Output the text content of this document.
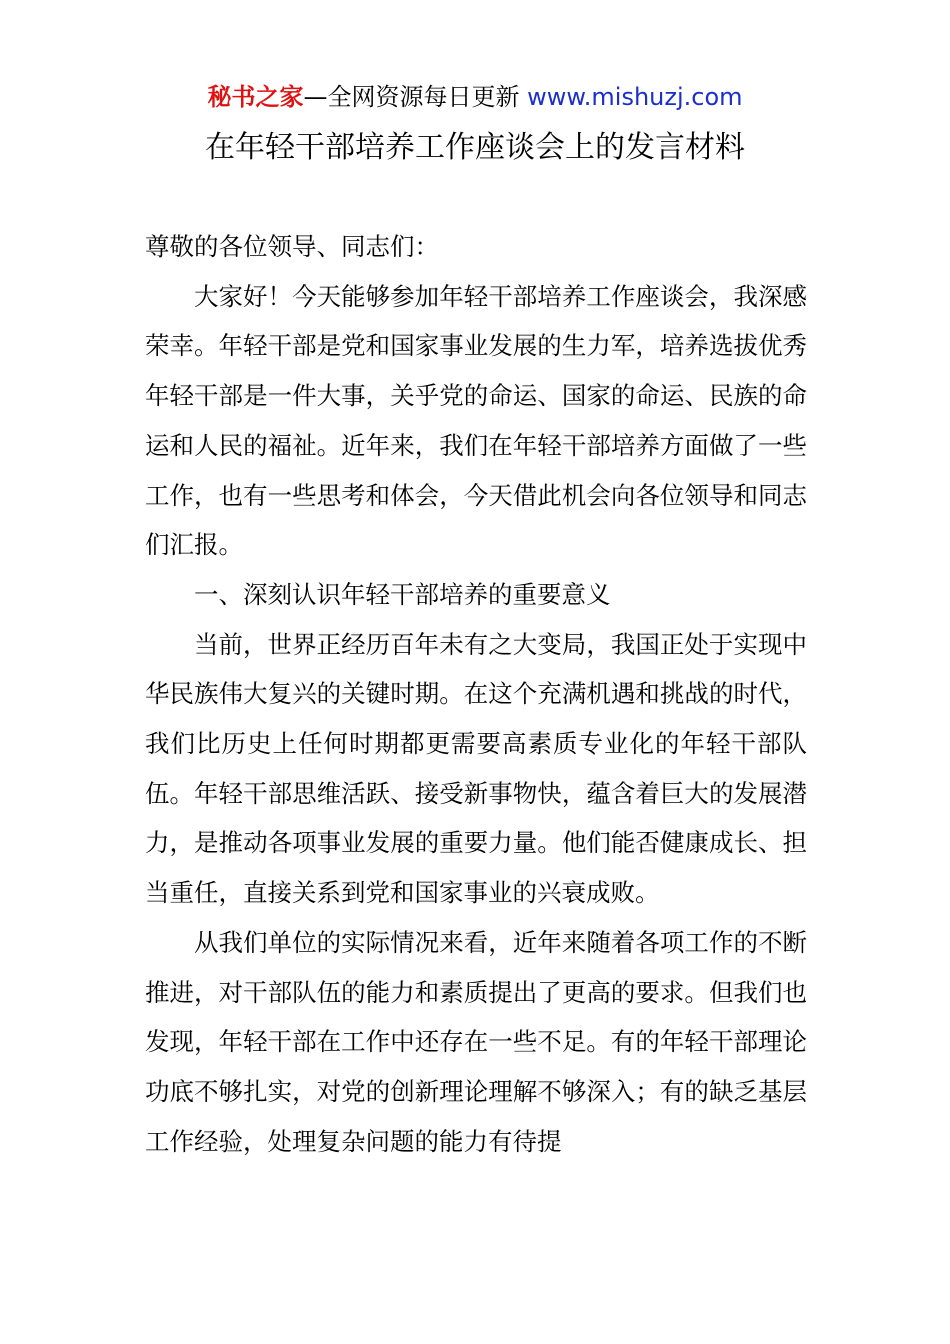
秘书之家—全网资源每日更新 www.mishuzj.com
在年轻干部培养工作座谈会上的发言材料

尊敬的各位领导、同志们：

大家好！今天能够参加年轻干部培养工作座谈会，我深感荣幸。年轻干部是党和国家事业发展的生力军，培养选拔优秀年轻干部是一件大事，关乎党的命运、国家的命运、民族的命运和人民的福祉。近年来，我们在年轻干部培养方面做了一些工作，也有一些思考和体会，今天借此机会向各位领导和同志们汇报。

一、深刻认识年轻干部培养的重要意义

当前，世界正经历百年未有之大变局，我国正处于实现中华民族伟大复兴的关键时期。在这个充满机遇和挑战的时代，我们比历史上任何时期都更需要高素质专业化的年轻干部队伍。年轻干部思维活跃、接受新事物快，蕴含着巨大的发展潜力，是推动各项事业发展的重要力量。他们能否健康成长、担当重任，直接关系到党和国家事业的兴衰成败。

从我们单位的实际情况来看，近年来随着各项工作的不断推进，对干部队伍的能力和素质提出了更高的要求。但我们也发现，年轻干部在工作中还存在一些不足。有的年轻干部理论功底不够扎实，对党的创新理论理解不够深入；有的缺乏基层工作经验，处理复杂问题的能力有待提
